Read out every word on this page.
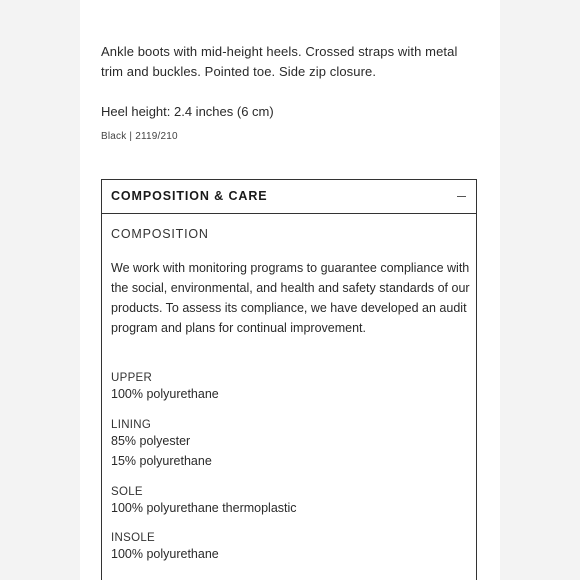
Ankle boots with mid-height heels. Crossed straps with metal trim and buckles. Pointed toe. Side zip closure.
Heel height: 2.4 inches (6 cm)
Black | 2119/210
COMPOSITION & CARE
COMPOSITION
We work with monitoring programs to guarantee compliance with the social, environmental, and health and safety standards of our products. To assess its compliance, we have developed an audit program and plans for continual improvement.
UPPER
100% polyurethane
LINING
85% polyester
15% polyurethane
SOLE
100% polyurethane thermoplastic
INSOLE
100% polyurethane
